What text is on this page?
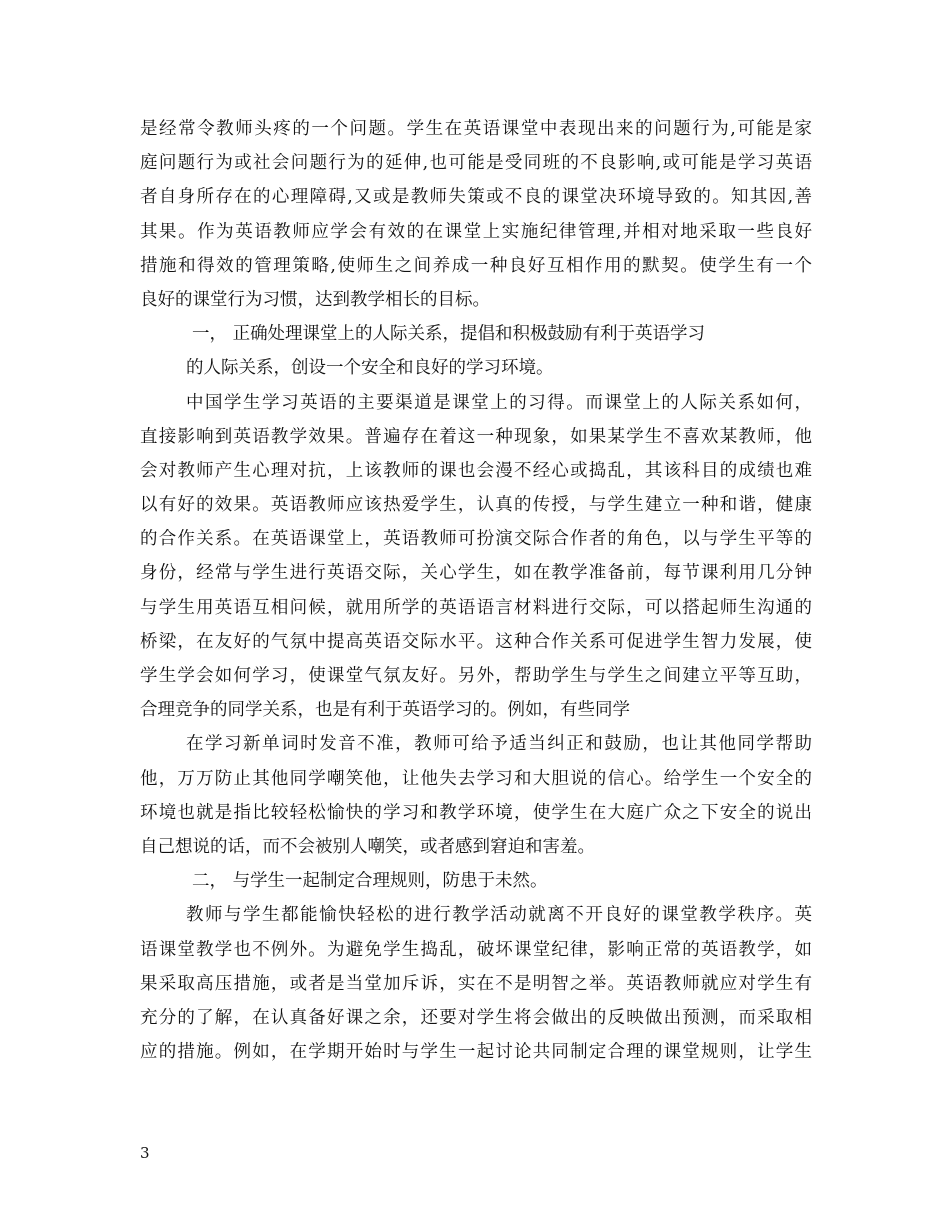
是经常令教师头疼的一个问题。学生在英语课堂中表现出来的问题行为,可能是家
庭问题行为或社会问题行为的延伸,也可能是受同班的不良影响,或可能是学习英语
者自身所存在的心理障碍,又或是教师失策或不良的课堂决环境导致的。知其因,善
其果。作为英语教师应学会有效的在课堂上实施纪律管理,并相对地采取一些良好
措施和得效的管理策略,使师生之间养成一种良好互相作用的默契。使学生有一个
良好的课堂行为习惯，达到教学相长的目标。
一， 正确处理课堂上的人际关系，提倡和积极鼓励有利于英语学习
的人际关系，创设一个安全和良好的学习环境。
中国学生学习英语的主要渠道是课堂上的习得。而课堂上的人际关系如何，
直接影响到英语教学效果。普遍存在着这一种现象，如果某学生不喜欢某教师，他
会对教师产生心理对抗，上该教师的课也会漫不经心或捣乱，其该科目的成绩也难
以有好的效果。英语教师应该热爱学生，认真的传授，与学生建立一种和谐，健康
的合作关系。在英语课堂上，英语教师可扮演交际合作者的角色，以与学生平等的
身份，经常与学生进行英语交际，关心学生，如在教学准备前，每节课利用几分钟
与学生用英语互相问候，就用所学的英语语言材料进行交际，可以搭起师生沟通的
桥梁，在友好的气氛中提高英语交际水平。这种合作关系可促进学生智力发展，使
学生学会如何学习，使课堂气氛友好。另外，帮助学生与学生之间建立平等互助，
合理竞争的同学关系，也是有利于英语学习的。例如，有些同学
在学习新单词时发音不准，教师可给予适当纠正和鼓励，也让其他同学帮助
他，万万防止其他同学嘲笑他，让他失去学习和大胆说的信心。给学生一个安全的
环境也就是指比较轻松愉快的学习和教学环境，使学生在大庭广众之下安全的说出
自己想说的话，而不会被别人嘲笑，或者感到窘迫和害羞。
二， 与学生一起制定合理规则，防患于未然。
教师与学生都能愉快轻松的进行教学活动就离不开良好的课堂教学秩序。英
语课堂教学也不例外。为避免学生捣乱，破坏课堂纪律，影响正常的英语教学，如
果采取高压措施，或者是当堂加斥诉，实在不是明智之举。英语教师就应对学生有
充分的了解，在认真备好课之余，还要对学生将会做出的反映做出预测，而采取相
应的措施。例如，在学期开始时与学生一起讨论共同制定合理的课堂规则，让学生
3
